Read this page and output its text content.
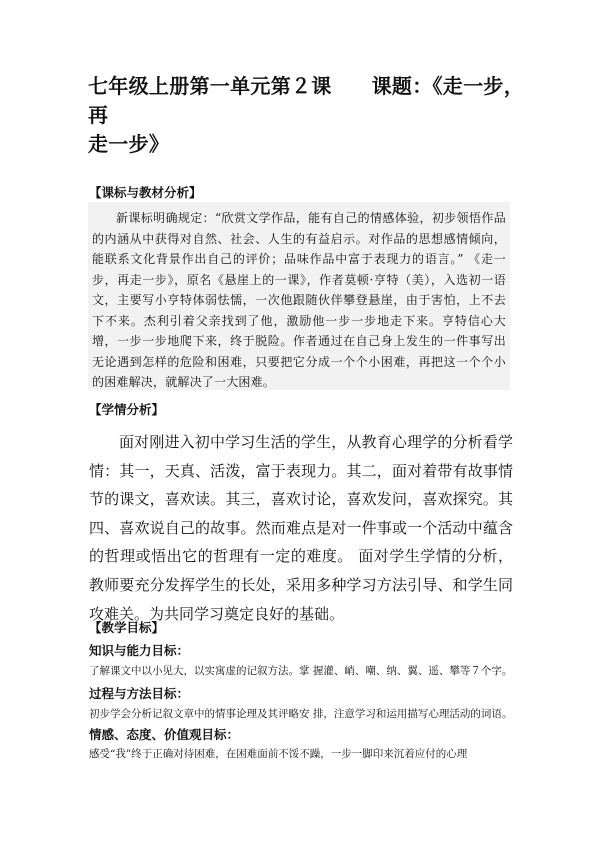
七年级上册第一单元第２课 课题：《走一步，再
走一步》
【课标与教材分析】

新课标明确规定：“欣赏文学作品，能有自己的情感体验，初步领悟作品的内涵从中获得对自然、社会、人生的有益启示。对作品的思想感情倾向，能联系文化背景作出自己的评价；品味作品中富于表现力的语言。” 《走一步，再走一步》，原名《悬崖上的一课》，作者莫顿·亨特（美），入选初一语文，主要写小亨特体弱怯懦，一次他跟随伙伴攀登悬崖，由于害怕，上不去下不来。杰利引着父亲找到了他，激励他一步一步地走下来。亨特信心大增，一步一步地爬下来，终于脱险。作者通过在自己身上发生的一件事写出无论遇到怎样的危险和困难，只要把它分成一个个小困难，再把这一个个小的困难解决，就解决了一大困难。

【学情分析】

面对刚进入初中学习生活的学生，从教育心理学的分析看学情：其一，天真、活泼，富于表现力。其二，面对着带有故事情节的课文，喜欢读。其三，喜欢讨论，喜欢发问，喜欢探究。其四、喜欢说自己的故事。然而难点是对一件事或一个活动中蕴含的哲理或悟出它的哲理有一定的难度。 面对学生学情的分析，教师要充分发挥学生的长处，采用多种学习方法引导、和学生同攻难关。为共同学习奠定良好的基础。

【教学目标】
知识与能力目标：
了解课文中以小见大，以实寓虚的记叙方法。掌 握灌、峭、嘲、纳、翼、遥、攀等７个字。
过程与方法目标：
初步学会分析记叙文章中的情事论理及其评略安 排，注意学习和运用描写心理活动的词语。
情感、态度、价值观目标：
感受“我”终于正确对待困难，在困难面前不馁不躁，一步一脚印来沉着应付的心理
